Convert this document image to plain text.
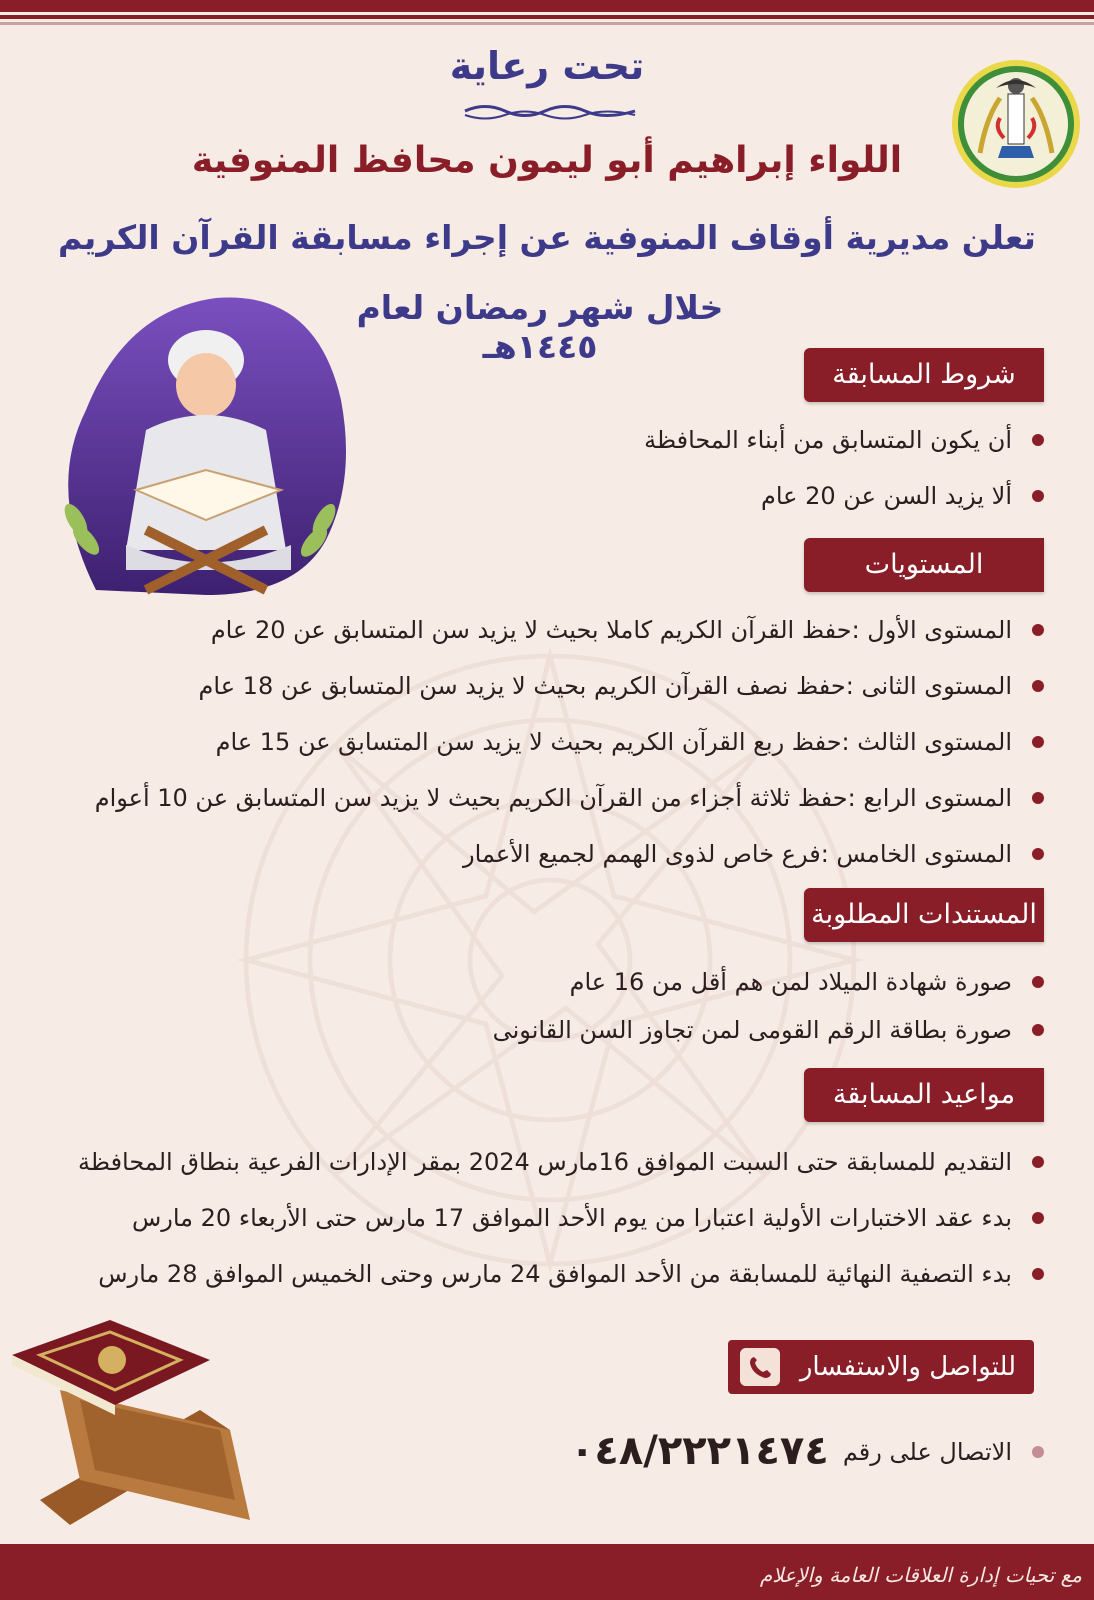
تحت رعاية
اللواء إبراهيم أبو ليمون محافظ المنوفية
تعلن مديرية أوقاف المنوفية عن إجراء مسابقة القرآن الكريم
خلال شهر رمضان لعام ١٤٤٥هـ
شروط المسابقة
أن يكون المتسابق من أبناء المحافظة
ألا يزيد السن عن 20 عام
المستويات
المستوى الأول :حفظ القرآن الكريم كاملا بحيث لا يزيد سن المتسابق عن 20 عام
المستوى الثانى :حفظ نصف القرآن الكريم بحيث لا يزيد سن المتسابق عن 18 عام
المستوى الثالث :حفظ ربع القرآن الكريم بحيث لا يزيد سن المتسابق عن 15 عام
المستوى الرابع :حفظ ثلاثة أجزاء من القرآن الكريم بحيث لا يزيد سن المتسابق عن 10 أعوام
المستوى الخامس :فرع خاص لذوى الهمم لجميع الأعمار
المستندات المطلوبة
صورة شهادة الميلاد لمن هم أقل من 16 عام
صورة بطاقة الرقم القومى لمن تجاوز السن القانونى
مواعيد المسابقة
التقديم للمسابقة حتى السبت الموافق 16مارس 2024 بمقر الإدارات الفرعية بنطاق المحافظة
بدء عقد الاختبارات الأولية اعتبارا من يوم الأحد الموافق 17 مارس حتى الأربعاء 20 مارس
بدء التصفية النهائية للمسابقة من الأحد الموافق 24 مارس وحتى الخميس الموافق 28 مارس
للتواصل والاستفسار
الاتصال على رقم
٠٤٨/٢٢٢١٤٧٤
مع تحيات إدارة العلاقات العامة والإعلام
